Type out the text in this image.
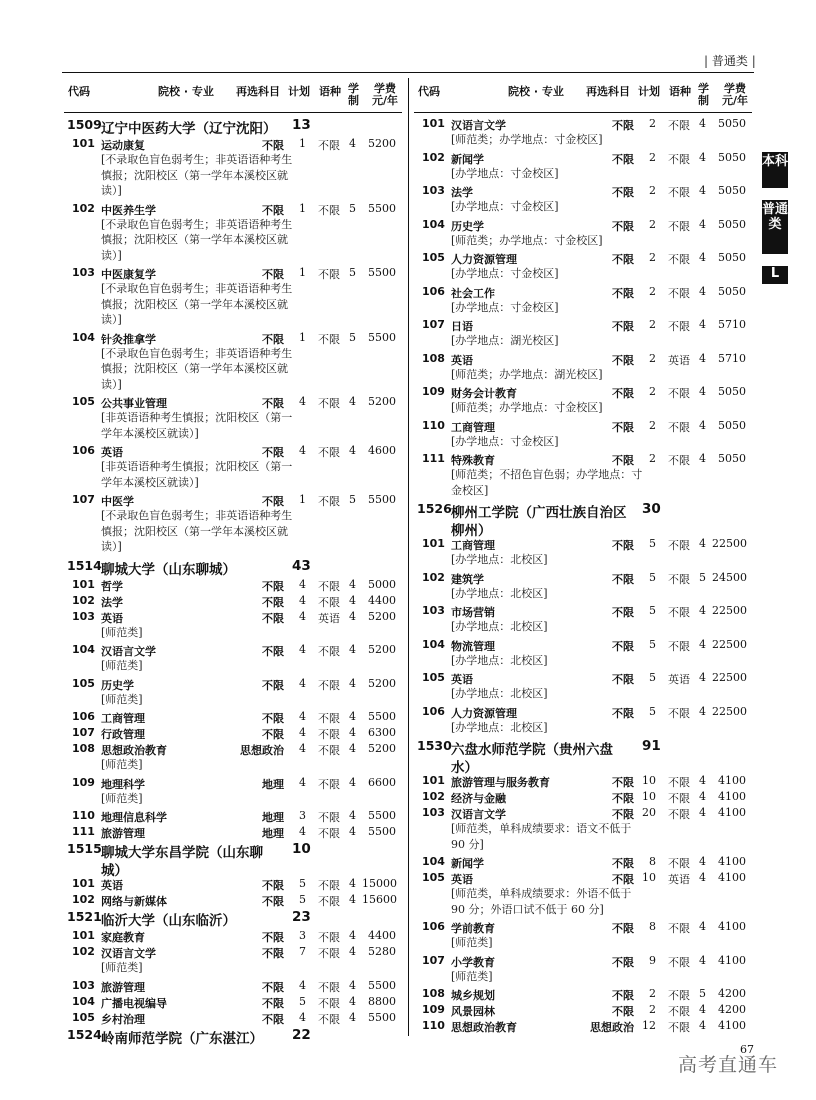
| 普通类 |
本科
普通类
L
代码	院校 · 专业 再选科目 计划 语种 学制
学费元/年
1509 辽宁中医药大学（辽宁沈阳） 13
101 运动康复	不限	1 不限 4	5200
[不录取色盲色弱考生；非英语语种考生慎报；沈阳校区（第一学年本溪校区就读）]
102 中医养生学	不限	1 不限 5	5500
[不录取色盲色弱考生；非英语语种考生慎报；沈阳校区（第一学年本溪校区就读）]
103 中医康复学	不限	1 不限 5	5500
[不录取色盲色弱考生；非英语语种考生慎报；沈阳校区（第一学年本溪校区就读）]
104 针灸推拿学	不限	1 不限 5	5500
[不录取色盲色弱考生；非英语语种考生慎报；沈阳校区（第一学年本溪校区就读）]
105 公共事业管理	不限	4 不限 4	5200
[非英语语种考生慎报；沈阳校区（第一学年本溪校区就读）]
106 英语	不限	4 不限 4	4600
[非英语语种考生慎报；沈阳校区（第一学年本溪校区就读）]
107 中医学	不限	1 不限 5	5500
[不录取色盲色弱考生；非英语语种考生慎报；沈阳校区（第一学年本溪校区就读）]
1514 聊城大学（山东聊城）	43
101 哲学	不限	4 不限 4	5000
102 法学	不限	4 不限 4	4400
103 英语	不限	4 英语 4	5200
[师范类]
104 汉语言文学	不限	4 不限 4	5200
[师范类]
105 历史学	不限	4 不限 4	5200
[师范类]
106 工商管理	不限	4 不限 4	5500
107 行政管理	不限	4 不限 4	6300
108 思想政治教育	思想政治	4 不限 4	5200
[师范类]
109 地理科学	地理	4 不限 4	6600
[师范类]
110 地理信息科学	地理	3 不限 4	5500
111 旅游管理	地理	4 不限 4	5500
1515 聊城大学东昌学院（山东聊 10
城）
101 英语	不限	5 不限 4 15000
102 网络与新媒体	不限	5 不限 4 15600
1521 临沂大学（山东临沂）	23
101 家庭教育	不限	3 不限 4	4400
102 汉语言文学	不限	7 不限 4	5280
[师范类]
103 旅游管理	不限	4 不限 4	5500
104 广播电视编导	不限	5 不限 4	8800
105 乡村治理	不限	4 不限 4	5500
1524 岭南师范学院（广东湛江） 22
代码	院校 · 专业 再选科目 计划 语种 学制
学费元/年
101 汉语言文学	不限	2 不限 4	5050
[师范类；办学地点：寸金校区]
102 新闻学	不限	2 不限 4	5050
[办学地点：寸金校区]
103 法学	不限	2 不限 4	5050
[办学地点：寸金校区]
104 历史学	不限	2 不限 4	5050
[师范类；办学地点：寸金校区]
105 人力资源管理	不限	2 不限 4	5050
[办学地点：寸金校区]
106 社会工作	不限	2 不限 4	5050
[办学地点：寸金校区]
107 日语	不限	2 不限 4	5710
[办学地点：湖光校区]
108 英语	不限	2 英语 4	5710
[师范类；办学地点：湖光校区]
109 财务会计教育	不限	2 不限 4	5050
[师范类；办学地点：寸金校区]
110 工商管理	不限	2 不限 4	5050
[办学地点：寸金校区]
111 特殊教育	不限	2 不限 4	5050
[师范类；不招色盲色弱；办学地点：寸金校区]
1526 柳州工学院（广西壮族自治区 30
柳州）
101 工商管理	不限	5 不限 4 22500
[办学地点：北校区]
102 建筑学	不限	5 不限 5 24500
[办学地点：北校区]
103 市场营销	不限	5 不限 4 22500
[办学地点：北校区]
104 物流管理	不限	5 不限 4 22500
[办学地点：北校区]
105 英语	不限	5 英语 4 22500
[办学地点：北校区]
106 人力资源管理	不限	5 不限 4 22500
[办学地点：北校区]
1530 六盘水师范学院（贵州六盘 91
水）
101 旅游管理与服务教育	不限 10 不限 4	4100
102 经济与金融	不限 10 不限 4	4100
103 汉语言文学	不限 20 不限 4	4100
[师范类，单科成绩要求：语文不低于 90 分]
104 新闻学	不限	8 不限 4	4100
105 英语	不限 10 英语 4	4100
[师范类，单科成绩要求：外语不低于 90 分；外语口试不低于 60 分]
106 学前教育	不限	8 不限 4	4100
[师范类]
107 小学教育	不限	9 不限 4	4100
[师范类]
108 城乡规划	不限	2 不限 5	4200
109 风景园林	不限	2 不限 4	4200
110 思想政治教育	思想政治 12 不限 4	4100
67
高考直通车
